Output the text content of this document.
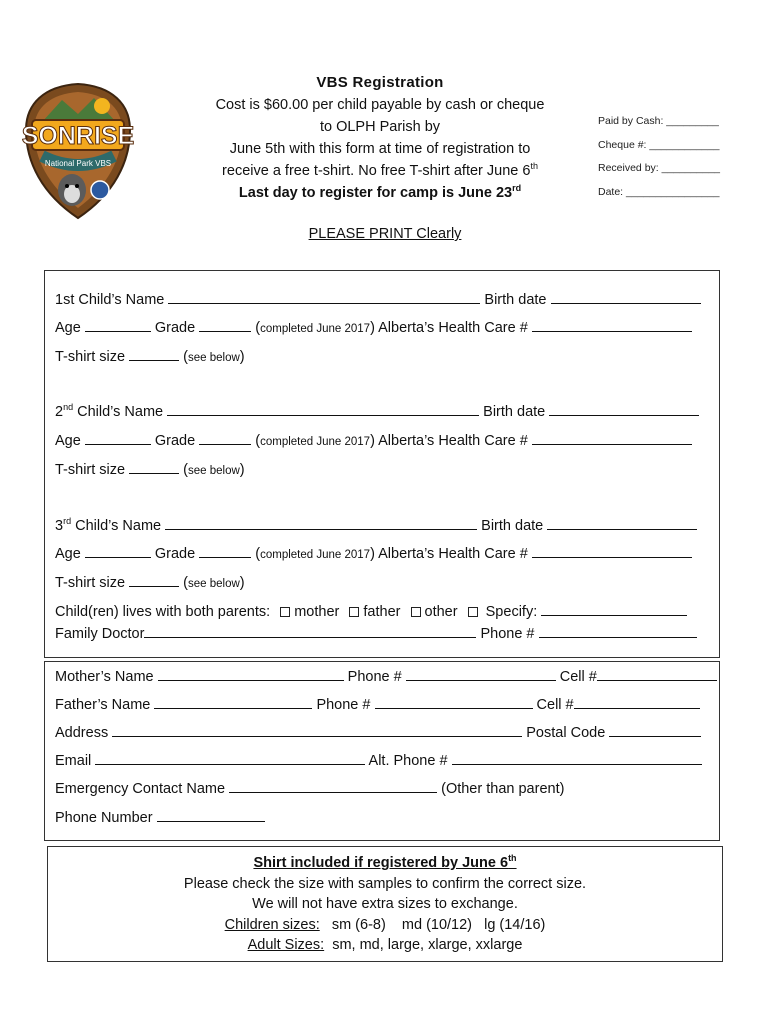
SONRISE
National Park VBS
VBS Registration
Cost is $60.00 per child payable by cash or cheque
to OLPH Parish by
June 5th with this form at time of registration to
receive a free t-shirt. No free T-shirt after June 6th
Last day to register for camp is June 23rd
Paid by Cash: _________
Cheque #: ____________
Received by: __________
Date: ________________
PLEASE PRINT Clearly
1st Child’s Name	Birth date
Age	Grade	(completed June 2017) Alberta’s Health Care #
T-shirt size	(see below)
2nd Child’s Name	Birth date
Age	Grade	(completed June 2017) Alberta’s Health Care #
T-shirt size	(see below)
3rd Child’s Name	Birth date
Age	Grade	(completed June 2017) Alberta’s Health Care #
T-shirt size	(see below)
Child(ren) lives with both parents: mother father other Specify:
Family Doctor	Phone #
Mother’s Name	Phone #	Cell #
Father’s Name	Phone #	Cell #
Address	Postal Code
Email	Alt. Phone #
Emergency Contact Name	(Other than parent)
Phone Number
Shirt included if registered by June 6th
Please check the size with samples to confirm the correct size.
We will not have extra sizes to exchange.
Children sizes: sm (6-8)    md (10/12)   lg (14/16)
Adult Sizes: sm, md, large, xlarge, xxlarge
